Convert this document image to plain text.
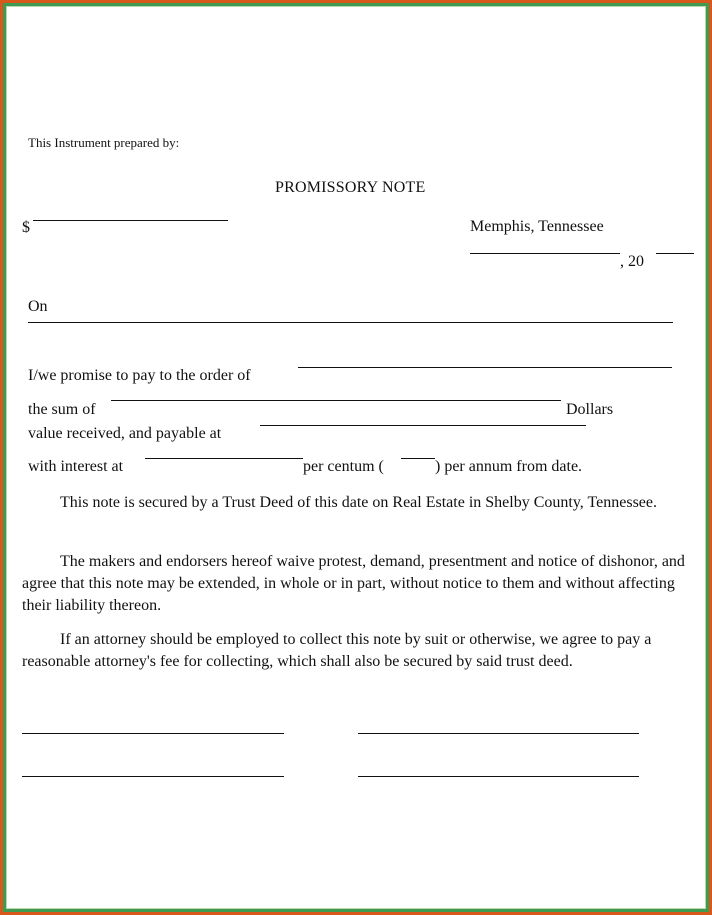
This Instrument prepared by:
PROMISSORY NOTE
$	Memphis, Tennessee
, 20
On
I/we promise to pay to the order of
the sum of	Dollars
value received, and payable at
with interest at	per centum (	) per annum from date.
This note is secured by a Trust Deed of this date on Real Estate in Shelby County, Tennessee.
The makers and endorsers hereof waive protest, demand, presentment and notice of dishonor, and agree that this note may be extended, in whole or in part, without notice to them and without affecting their liability thereon.
If an attorney should be employed to collect this note by suit or otherwise, we agree to pay a reasonable attorney's fee for collecting, which shall also be secured by said trust deed.
